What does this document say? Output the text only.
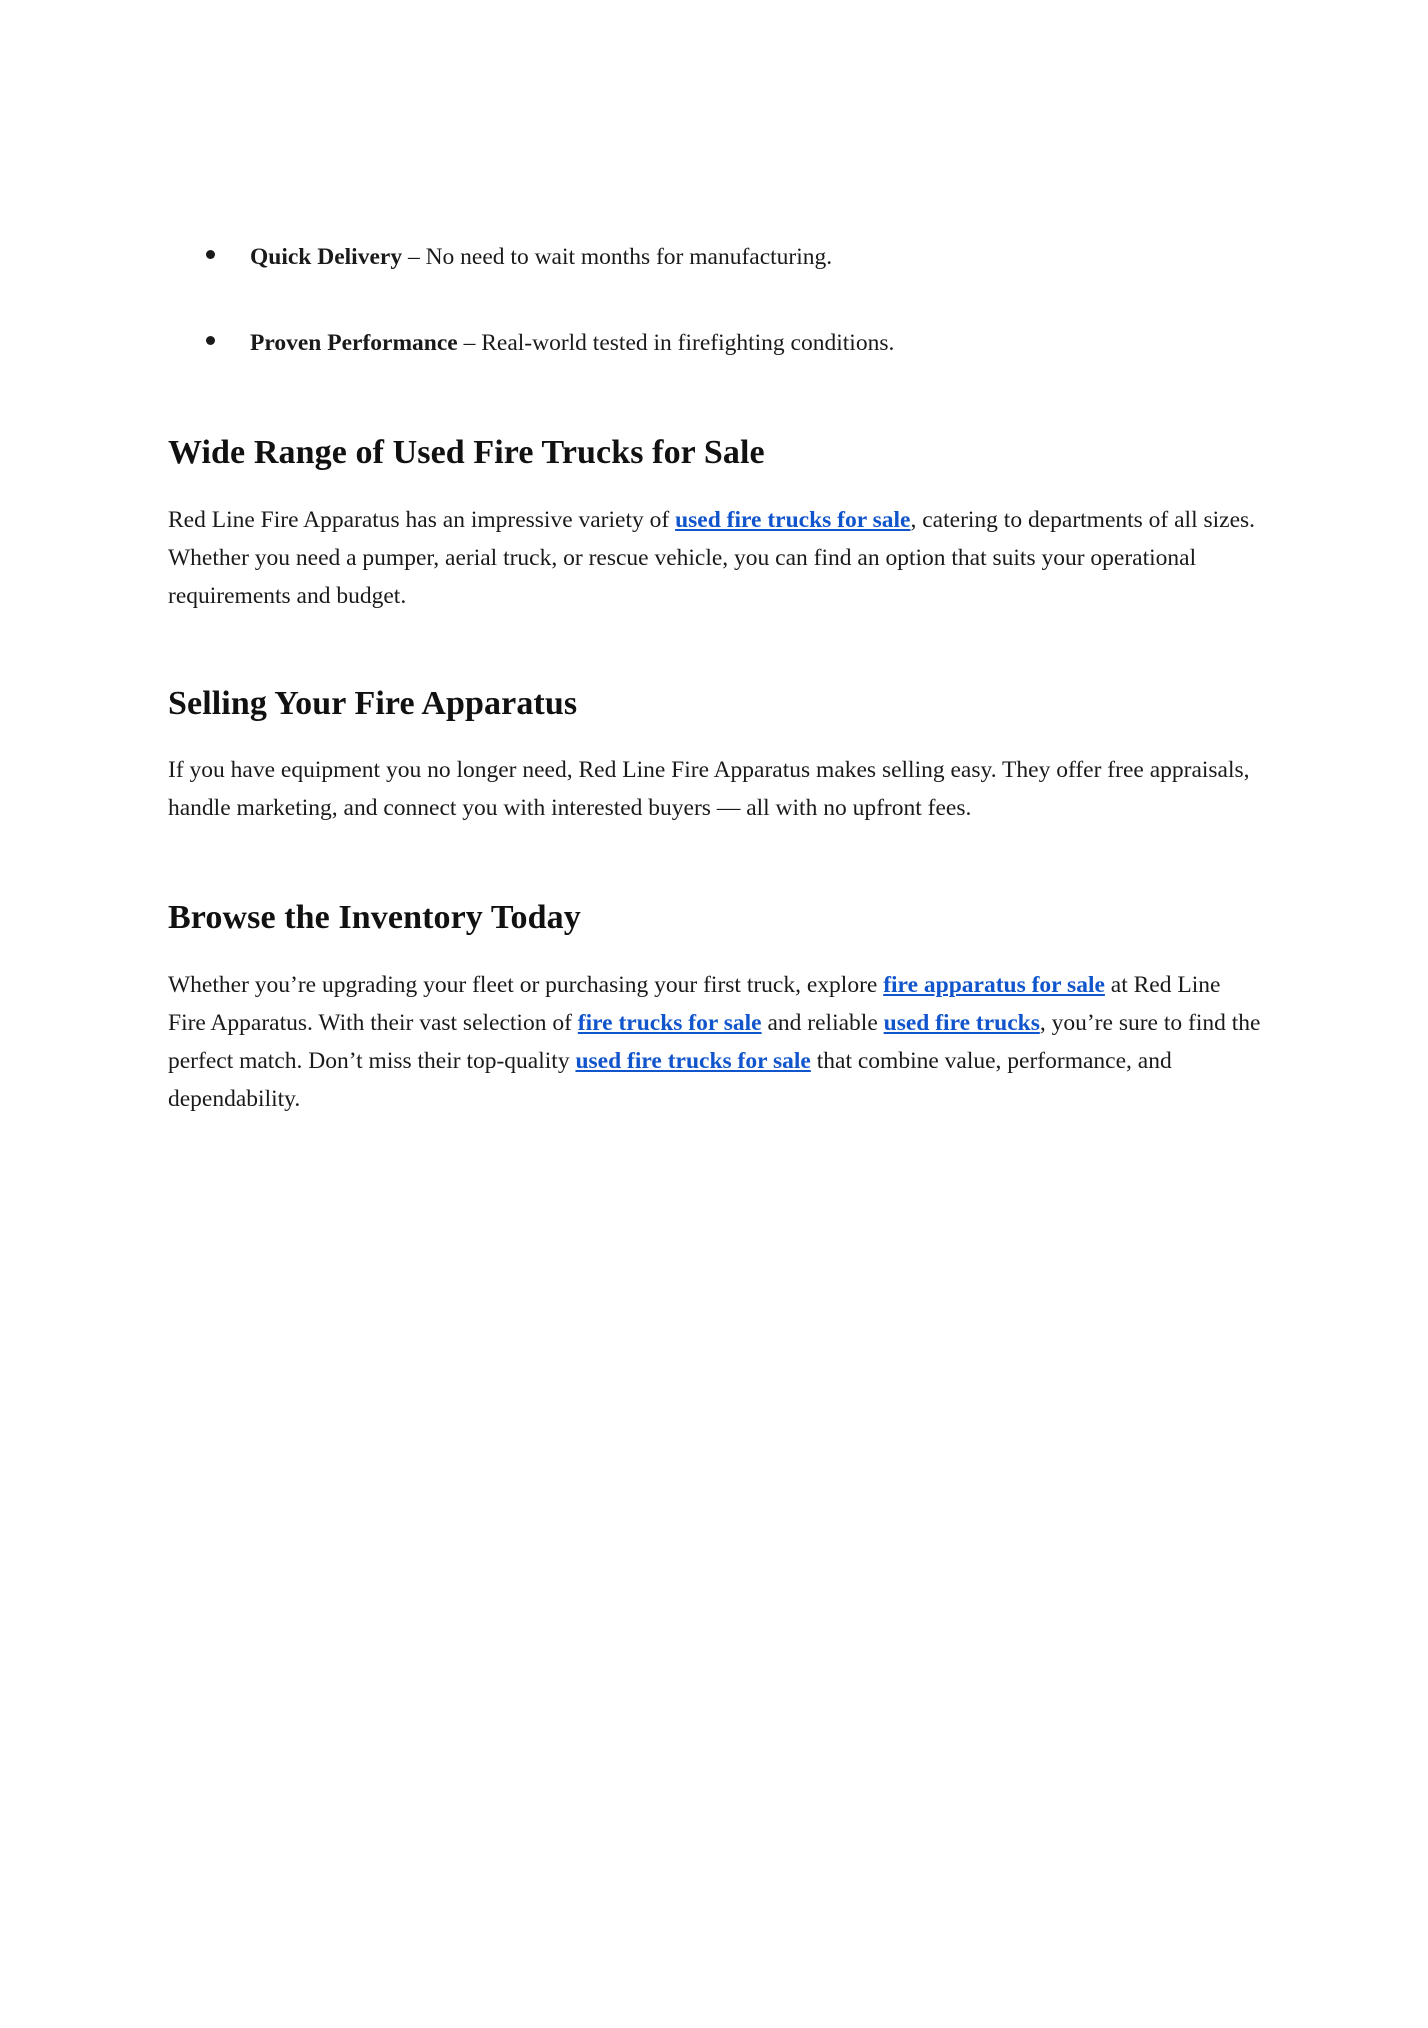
Quick Delivery – No need to wait months for manufacturing.
Proven Performance – Real-world tested in firefighting conditions.
Wide Range of Used Fire Trucks for Sale

Red Line Fire Apparatus has an impressive variety of used fire trucks for sale, catering to departments of all sizes. Whether you need a pumper, aerial truck, or rescue vehicle, you can find an option that suits your operational requirements and budget.

Selling Your Fire Apparatus

If you have equipment you no longer need, Red Line Fire Apparatus makes selling easy. They offer free appraisals, handle marketing, and connect you with interested buyers — all with no upfront fees.

Browse the Inventory Today

Whether you’re upgrading your fleet or purchasing your first truck, explore fire apparatus for sale at Red Line Fire Apparatus. With their vast selection of fire trucks for sale and reliable used fire trucks, you’re sure to find the perfect match. Don’t miss their top-quality used fire trucks for sale that combine value, performance, and dependability.
